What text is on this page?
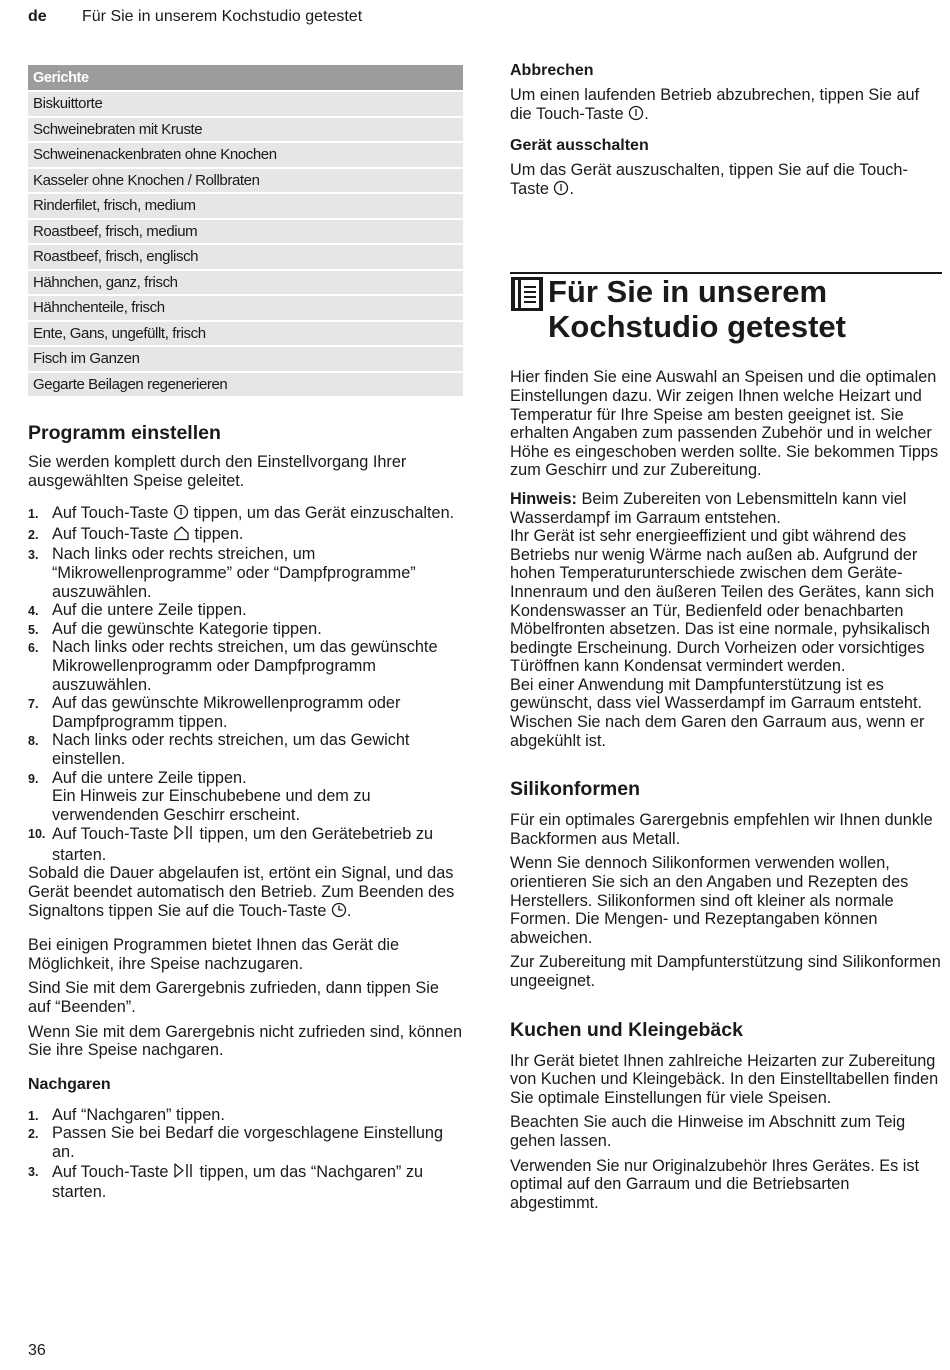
de Für Sie in unserem Kochstudio getestet
Gerichte
Biskuittorte
Schweinebraten mit Kruste
Schweinenackenbraten ohne Knochen
Kasseler ohne Knochen / Rollbraten
Rinderfilet, frisch, medium
Roastbeef, frisch, medium
Roastbeef, frisch, englisch
Hähnchen, ganz, frisch
Hähnchenteile, frisch
Ente, Gans, ungefüllt, frisch
Fisch im Ganzen
Gegarte Beilagen regenerieren
Programm einstellen

Sie werden komplett durch den Einstellvorgang Ihrer ausgewählten Speise geleitet.

1. Auf Touch-Taste  tippen, um das Gerät einzuschalten.
2. Auf Touch-Taste  tippen.
3. Nach links oder rechts streichen, um “Mikrowellenprogramme” oder “Dampfprogramme” auszuwählen.
4. Auf die untere Zeile tippen.
5. Auf die gewünschte Kategorie tippen.
6. Nach links oder rechts streichen, um das gewünschte Mikrowellenprogramm oder Dampfprogramm auszuwählen.
7. Auf das gewünschte Mikrowellenprogramm oder Dampfprogramm tippen.
8. Nach links oder rechts streichen, um das Gewicht einstellen.
9. Auf die untere Zeile tippen.
Ein Hinweis zur Einschubebene und dem zu verwendenden Geschirr erscheint.
10. Auf Touch-Taste  tippen, um den Gerätebetrieb zu starten.

Sobald die Dauer abgelaufen ist, ertönt ein Signal, und das Gerät beendet automatisch den Betrieb. Zum Beenden des Signaltons tippen Sie auf die Touch-Taste .

Bei einigen Programmen bietet Ihnen das Gerät die Möglichkeit, ihre Speise nachzugaren.

Sind Sie mit dem Garergebnis zufrieden, dann tippen Sie auf “Beenden”.

Wenn Sie mit dem Garergebnis nicht zufrieden sind, können Sie ihre Speise nachgaren.

Nachgaren
1. Auf “Nachgaren” tippen.
2. Passen Sie bei Bedarf die vorgeschlagene Einstellung an.
3. Auf Touch-Taste  tippen, um das “Nachgaren” zu starten.
Abbrechen

Um einen laufenden Betrieb abzubrechen, tippen Sie auf die Touch-Taste .

Gerät ausschalten

Um das Gerät auszuschalten, tippen Sie auf die Touch-Taste .

Für Sie in unserem
Kochstudio getestet

Hier finden Sie eine Auswahl an Speisen und die optimalen Einstellungen dazu. Wir zeigen Ihnen welche Heizart und Temperatur für Ihre Speise am besten geeignet ist. Sie erhalten Angaben zum passenden Zubehör und in welcher Höhe es eingeschoben werden sollte. Sie bekommen Tipps zum Geschirr und zur Zubereitung.

Hinweis: Beim Zubereiten von Lebensmitteln kann viel Wasserdampf im Garraum entstehen.

Ihr Gerät ist sehr energieeffizient und gibt während des Betriebs nur wenig Wärme nach außen ab. Aufgrund der hohen Temperaturunterschiede zwischen dem Geräte-Innenraum und den äußeren Teilen des Gerätes, kann sich Kondenswasser an Tür, Bedienfeld oder benachbarten Möbelfronten absetzen. Das ist eine normale, pyhsikalisch bedingte Erscheinung. Durch Vorheizen oder vorsichtiges Türöffnen kann Kondensat vermindert werden.

Bei einer Anwendung mit Dampfunterstützung ist es gewünscht, dass viel Wasserdampf im Garraum entsteht. Wischen Sie nach dem Garen den Garraum aus, wenn er abgekühlt ist.

Silikonformen

Für ein optimales Garergebnis empfehlen wir Ihnen dunkle Backformen aus Metall.

Wenn Sie dennoch Silikonformen verwenden wollen, orientieren Sie sich an den Angaben und Rezepten des Herstellers. Silikonformen sind oft kleiner als normale Formen. Die Mengen- und Rezeptangaben können abweichen.

Zur Zubereitung mit Dampfunterstützung sind Silikonformen ungeeignet.

Kuchen und Kleingebäck

Ihr Gerät bietet Ihnen zahlreiche Heizarten zur Zubereitung von Kuchen und Kleingebäck. In den Einstelltabellen finden Sie optimale Einstellungen für viele Speisen.

Beachten Sie auch die Hinweise im Abschnitt zum Teig gehen lassen.

Verwenden Sie nur Originalzubehör Ihres Gerätes. Es ist optimal auf den Garraum und die Betriebsarten abgestimmt.

36
